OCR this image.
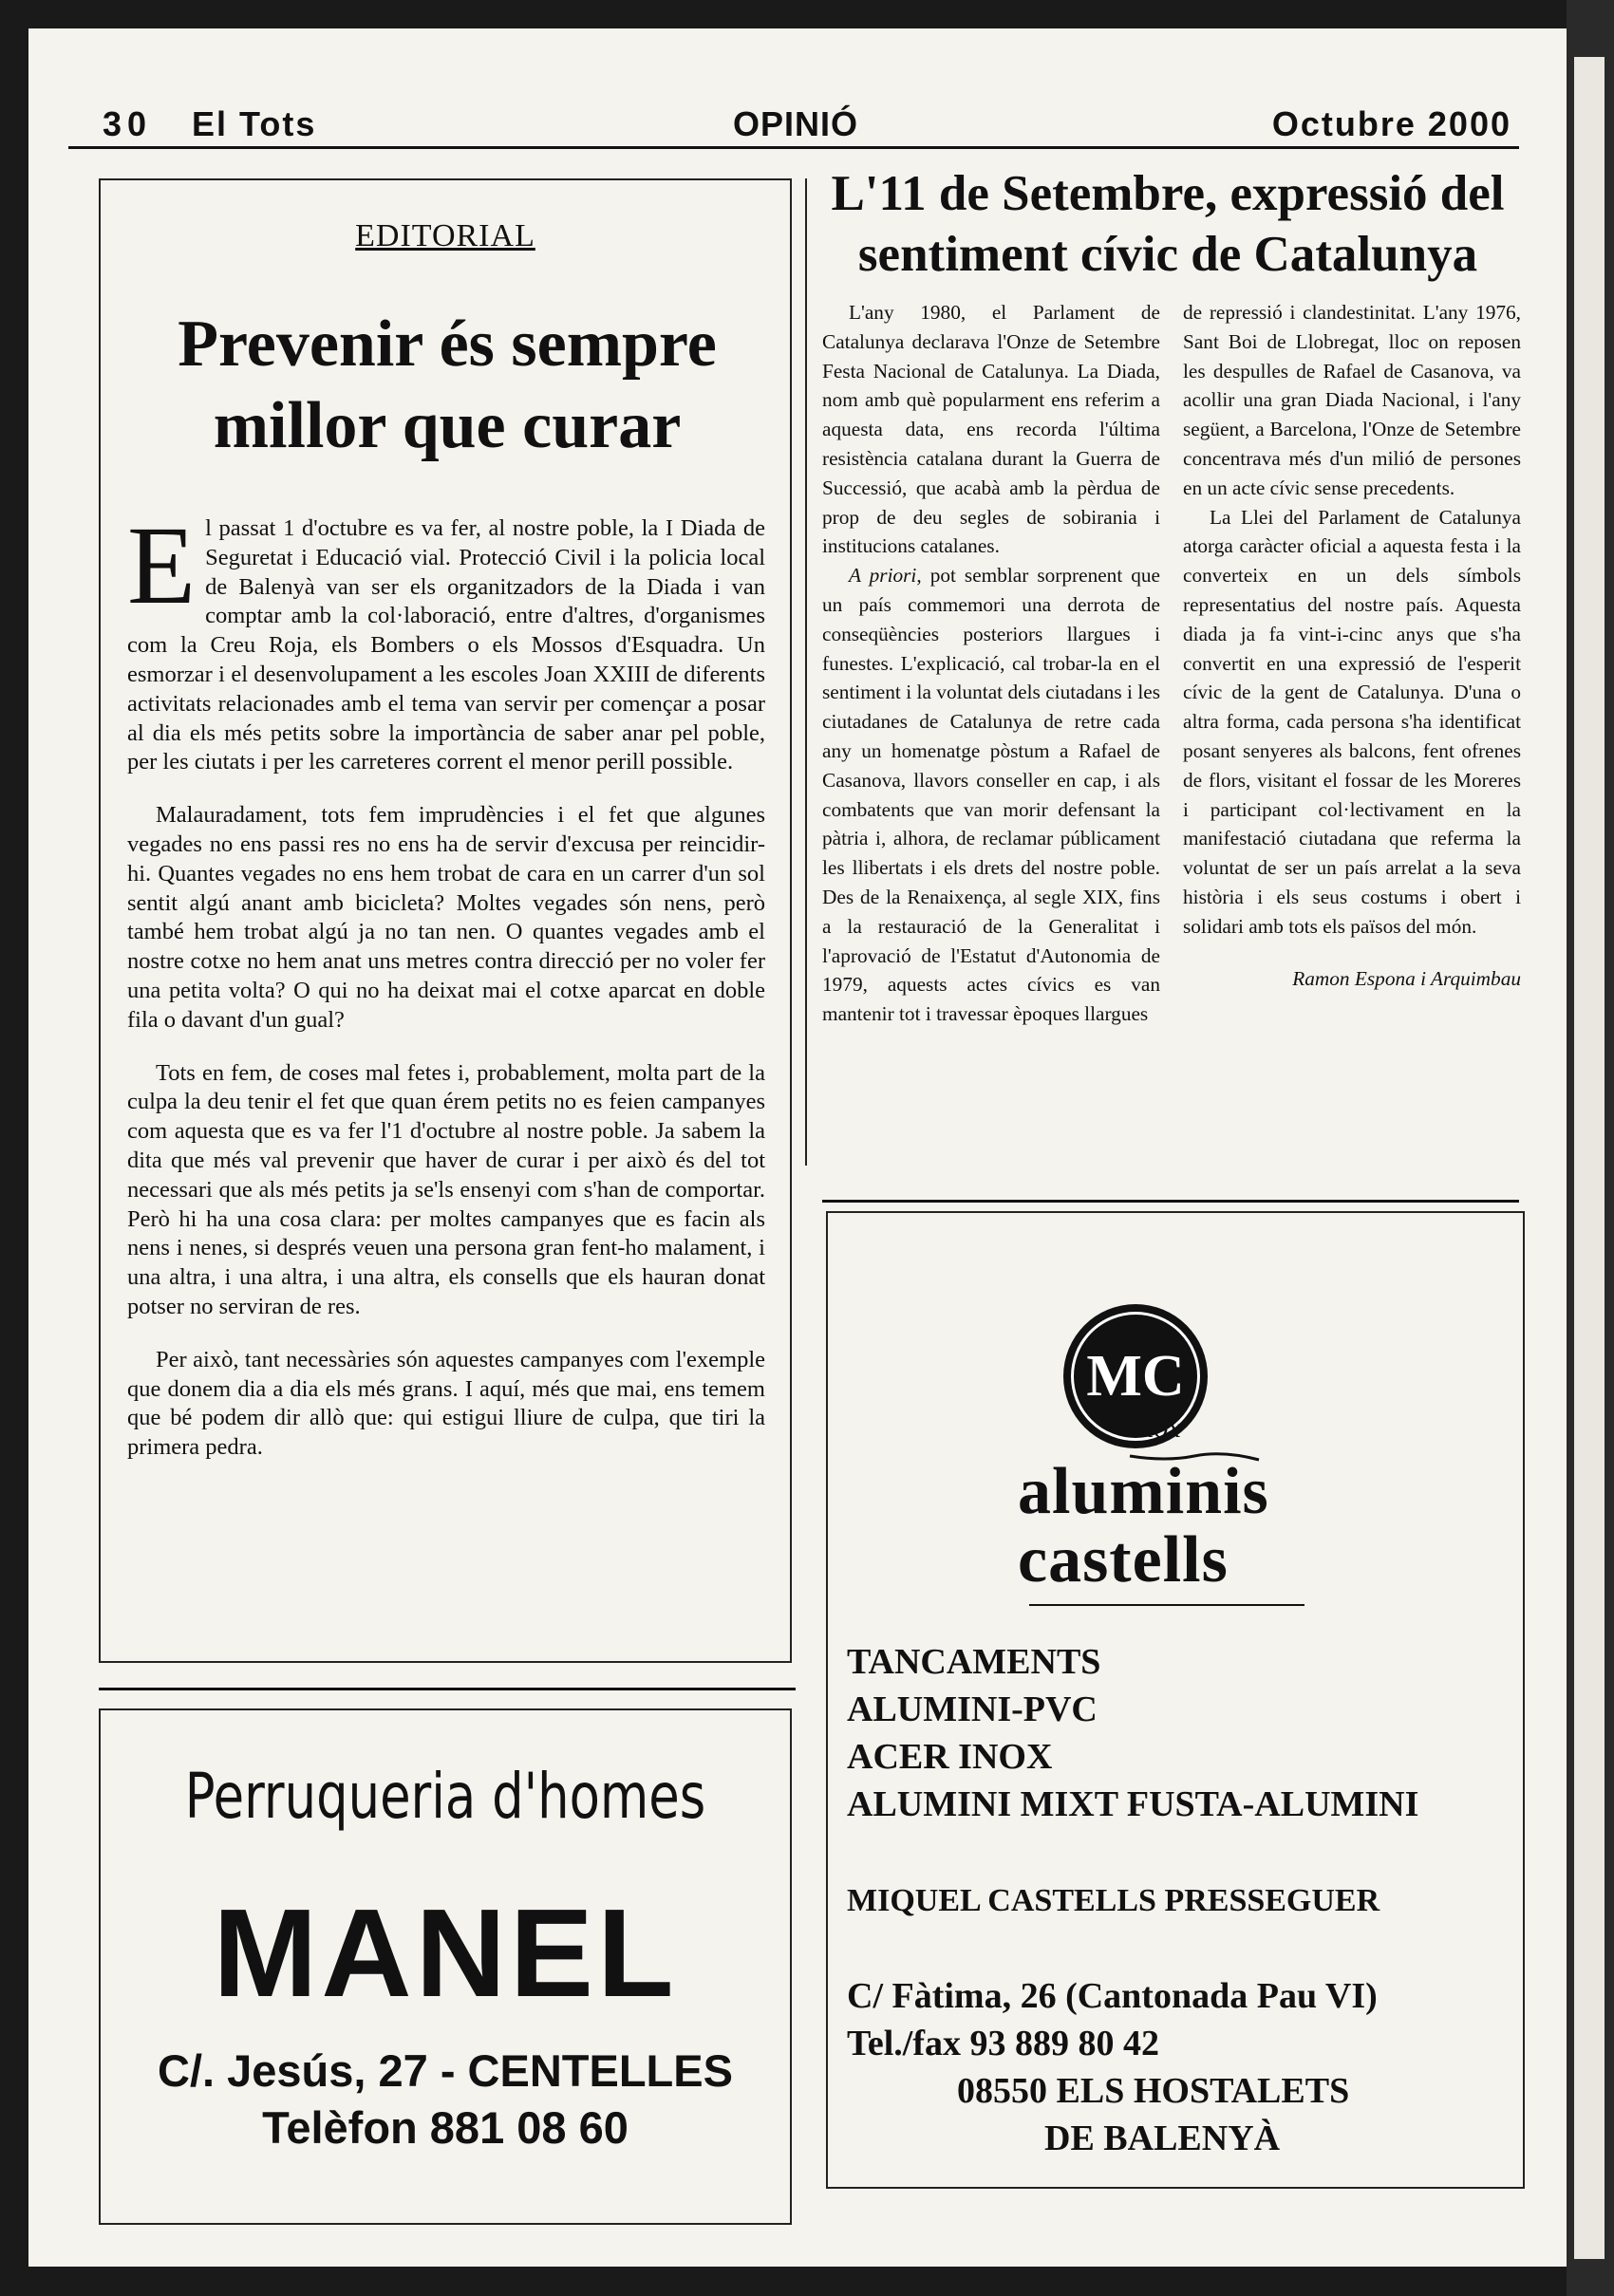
30 El Tots	OPINIÓ	Octubre 2000
EDITORIAL
Prevenir és sempre
millor que curar

El passat 1 d'octubre es va fer, al nostre poble, la I Diada de Seguretat i Educació vial. Protecció Civil i la policia local de Balenyà van ser els organitzadors de la Diada i van comptar amb la col·laboració, entre d'altres, d'organismes com la Creu Roja, els Bombers o els Mossos d'Esquadra. Un esmorzar i el desenvolupament a les escoles Joan XXIII de diferents activitats relacionades amb el tema van servir per començar a posar al dia els més petits sobre la importància de saber anar pel poble, per les ciutats i per les carreteres corrent el menor perill possible.

Malauradament, tots fem imprudències i el fet que algunes vegades no ens passi res no ens ha de servir d'excusa per reincidir-hi. Quantes vegades no ens hem trobat de cara en un carrer d'un sol sentit algú anant amb bicicleta? Moltes vegades són nens, però també hem trobat algú ja no tan nen. O quantes vegades amb el nostre cotxe no hem anat uns metres contra direcció per no voler fer una petita volta? O qui no ha deixat mai el cotxe aparcat en doble fila o davant d'un gual?

Tots en fem, de coses mal fetes i, probablement, molta part de la culpa la deu tenir el fet que quan érem petits no es feien campanyes com aquesta que es va fer l'1 d'octubre al nostre poble. Ja sabem la dita que més val prevenir que haver de curar i per això és del tot necessari que als més petits ja se'ls ensenyi com s'han de comportar. Però hi ha una cosa clara: per moltes campanyes que es facin als nens i nenes, si després veuen una persona gran fent-ho malament, i una altra, i una altra, i una altra, els consells que els hauran donat potser no serviran de res.

Per això, tant necessàries són aquestes campanyes com l'exemple que donem dia a dia els més grans. I aquí, més que mai, ens temem que bé podem dir allò que: qui estigui lliure de culpa, que tiri la primera pedra.

L'11 de Setembre, expressió del
sentiment cívic de Catalunya

L'any 1980, el Parlament de Catalunya declarava l'Onze de Setembre Festa Nacional de Catalunya. La Diada, nom amb què popularment ens referim a aquesta data, ens recorda l'última resistència catalana durant la Guerra de Successió, que acabà amb la pèrdua de prop de deu segles de sobirania i institucions catalanes.

A priori, pot semblar sorprenent que un país commemori una derrota de conseqüències posteriors llargues i funestes. L'explicació, cal trobar-la en el sentiment i la voluntat dels ciutadans i les ciutadanes de Catalunya de retre cada any un homenatge pòstum a Rafael de Casanova, llavors conseller en cap, i als combatents que van morir defensant la pàtria i, alhora, de reclamar públicament les llibertats i els drets del nostre poble. Des de la Renaixença, al segle XIX, fins a la restauració de la Generalitat i l'aprovació de l'Estatut d'Autonomia de 1979, aquests actes cívics es van mantenir tot i travessar èpoques llargues

de repressió i clandestinitat. L'any 1976, Sant Boi de Llobregat, lloc on reposen les despulles de Rafael de Casanova, va acollir una gran Diada Nacional, i l'any següent, a Barcelona, l'Onze de Setembre concentrava més d'un milió de persones en un acte cívic sense precedents.

La Llei del Parlament de Catalunya atorga caràcter oficial a aquesta festa i la converteix en un dels símbols representatius del nostre país. Aquesta diada ja fa vint-i-cinc anys que s'ha convertit en una expressió de l'esperit cívic de la gent de Catalunya. D'una o altra forma, cada persona s'ha identificat posant senyeres als balcons, fent ofrenes de flors, visitant el fossar de les Moreres i participant col·lectivament en la manifestació ciutadana que referma la voluntat de ser un país arrelat a la seva història i els seus costums i obert i solidari amb tots els països del món.

Ramon Espona i Arquimbau

Perruqueria d'homes
MANEL
C/. Jesús, 27 - CENTELLES
Telèfon 881 08 60
MC
inox
aluminis
castells
TANCAMENTS
ALUMINI-PVC
ACER INOX
ALUMINI MIXT FUSTA-ALUMINI
MIQUEL CASTELLS PRESSEGUER
C/ Fàtima, 26 (Cantonada Pau VI)
Tel./fax 93 889 80 42
08550 ELS HOSTALETS
DE BALENYÀ
